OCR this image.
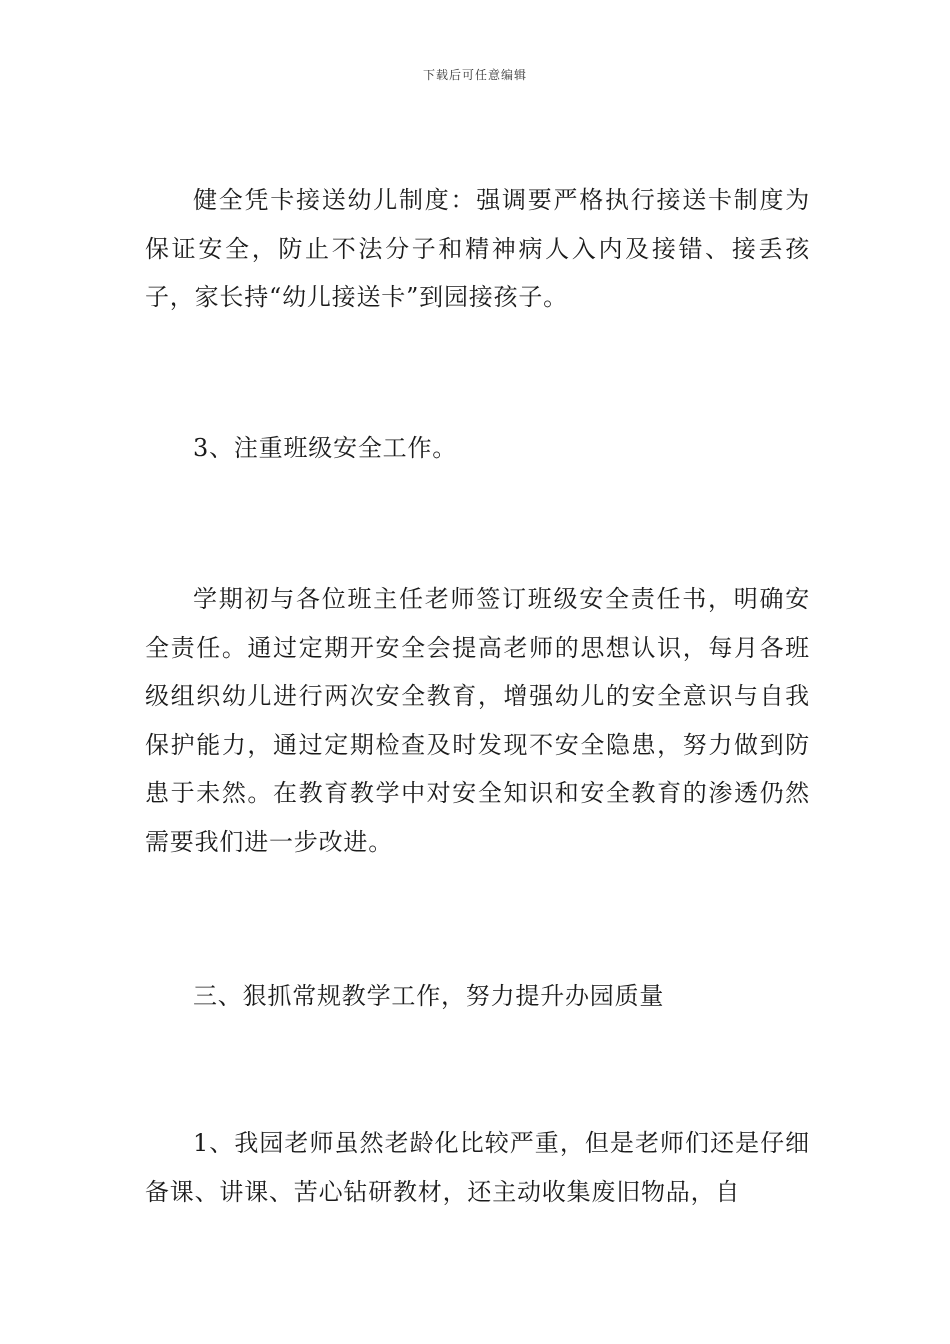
下载后可任意编辑

健全凭卡接送幼儿制度：强调要严格执行接送卡制度为保证安全，防止不法分子和精神病人入内及接错、接丢孩子，家长持“幼儿接送卡”到园接孩子。

3、注重班级安全工作。

学期初与各位班主任老师签订班级安全责任书，明确安全责任。通过定期开安全会提高老师的思想认识，每月各班级组织幼儿进行两次安全教育，增强幼儿的安全意识与自我保护能力，通过定期检查及时发现不安全隐患，努力做到防患于未然。在教育教学中对安全知识和安全教育的渗透仍然需要我们进一步改进。

三、狠抓常规教学工作，努力提升办园质量

1、我园老师虽然老龄化比较严重，但是老师们还是仔细备课、讲课、苦心钻研教材，还主动收集废旧物品，自
